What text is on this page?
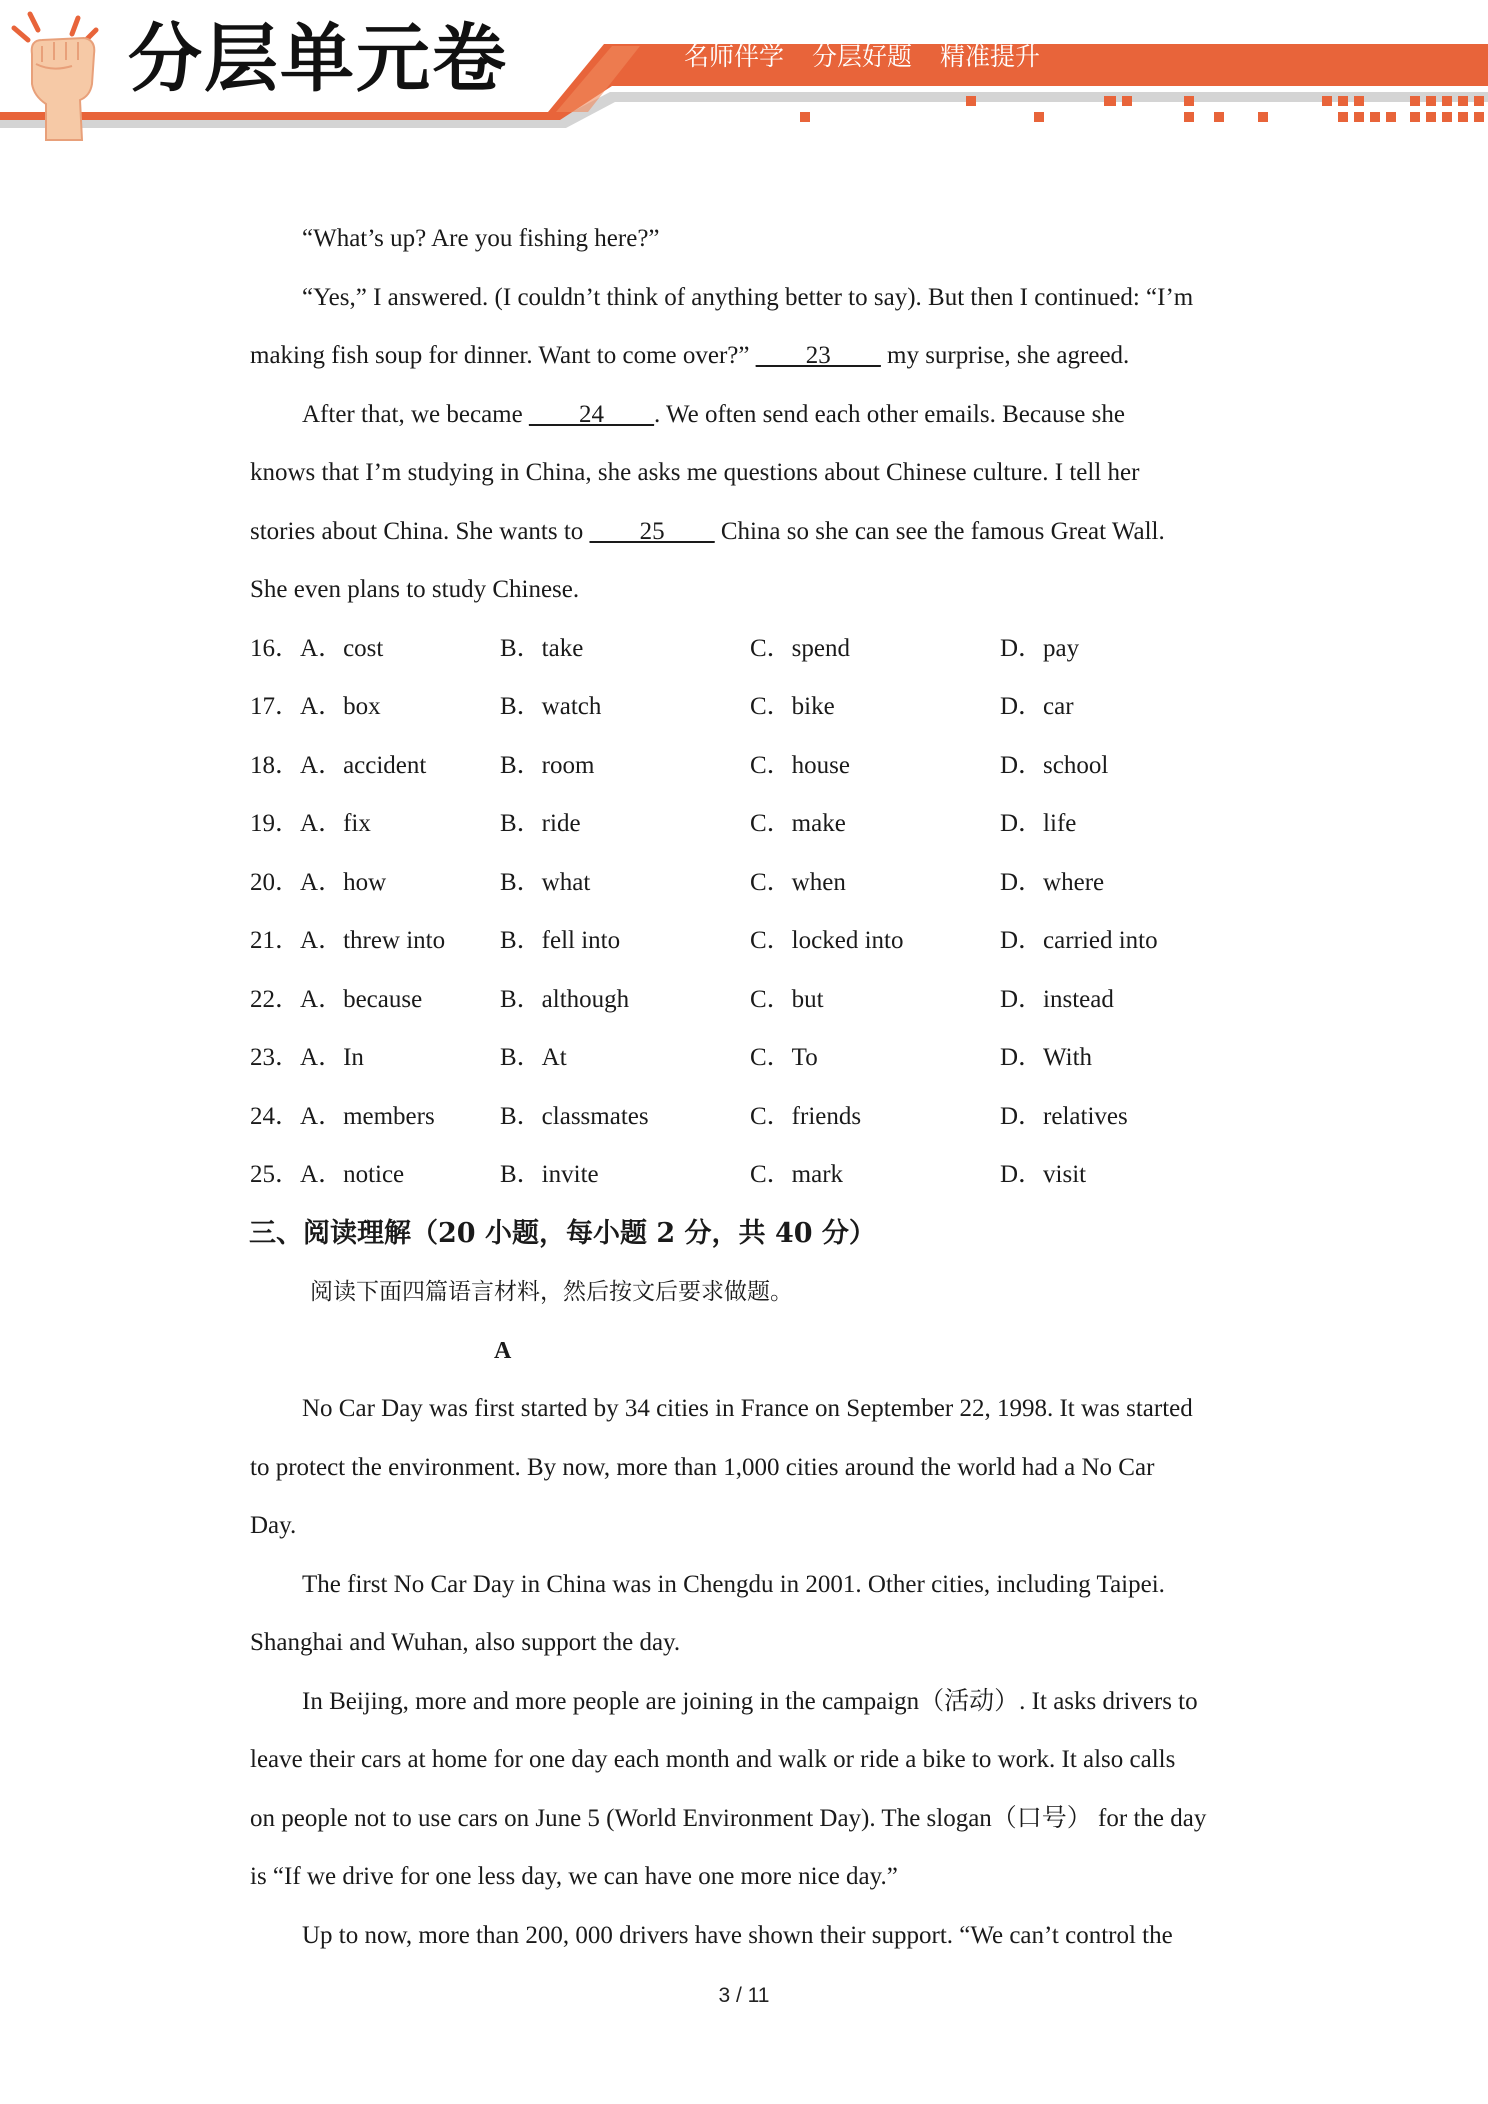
分层单元卷	名师伴学 分层好题 精准提升

“What’s up? Are you fishing here?”

“Yes,” I answered. (I couldn’t think of anything better to say). But then I continued: “I’m

making fish soup for dinner. Want to come over?” ____23____ my surprise, she agreed.

After that, we became ____24____. We often send each other emails. Because she

knows that I’m studying in China, she asks me questions about Chinese culture. I tell her

stories about China. She wants to ____25____ China so she can see the famous Great Wall.

She even plans to study Chinese.

16．A．cost	B．take	C．spend	D．pay
17．A．box	B．watch	C．bike	D．car
18．A．accident	B．room	C．house	D．school
19．A．fix	B．ride	C．make	D．life
20．A．how	B．what	C．when	D．where
21．A．threw into	B．fell into	C．locked into	D．carried into
22．A．because	B．although	C．but	D．instead
23．A．In	B．At	C．To	D．With
24．A．members	B．classmates	C．friends	D．relatives
25．A．notice	B．invite	C．mark	D．visit

三、阅读理解（20 小题，每小题 2 分，共 40 分）

阅读下面四篇语言材料，然后按文后要求做题。

A

No Car Day was first started by 34 cities in France on September 22, 1998. It was started

to protect the environment. By now, more than 1,000 cities around the world had a No Car

Day.

The first No Car Day in China was in Chengdu in 2001. Other cities, including Taipei.

Shanghai and Wuhan, also support the day.

In Beijing, more and more people are joining in the campaign（活动）. It asks drivers to

leave their cars at home for one day each month and walk or ride a bike to work. It also calls

on people not to use cars on June 5 (World Environment Day). The slogan（口号） for the day

is “If we drive for one less day, we can have one more nice day.”

Up to now, more than 200, 000 drivers have shown their support. “We can’t control the

3 / 11
